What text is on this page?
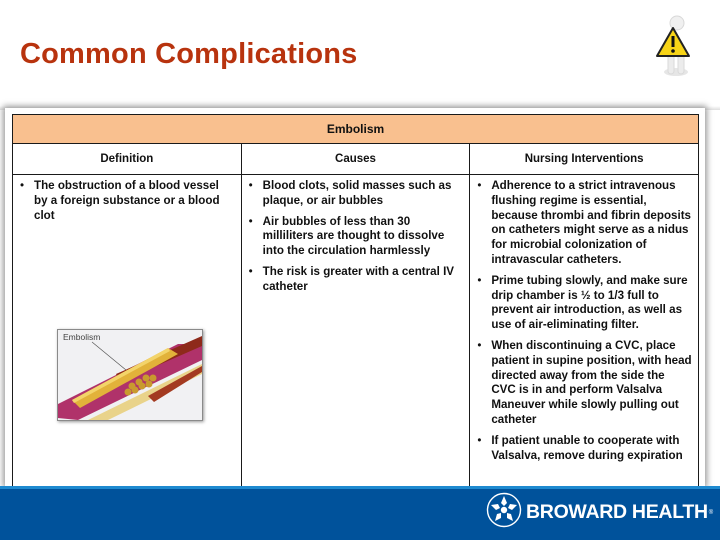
Common Complications
Embolism		
Definition	Causes	Nursing Interventions

• The obstruction of a blood vessel by a foreign substance or a blood clot
Embolism

• Blood clots, solid masses such as plaque, or air bubbles
• Air bubbles of less than 30 milliliters are thought to dissolve into the circulation harmlessly
• The risk is greater with a central IV catheter

• Adherence to a strict intravenous flushing regime is essential, because thrombi and fibrin deposits on catheters might serve as a nidus for microbial colonization of intravascular catheters.
• Prime tubing slowly, and make sure drip chamber is ½ to 1/3 full to prevent air introduction, as well as use of air-eliminating filter.
• When discontinuing a CVC, place patient in supine position, with head directed away from the side the CVC is in and perform Valsalva Maneuver while slowly pulling out catheter
• If patient unable to cooperate with Valsalva, remove during expiration
BROWARD HEALTH ®
